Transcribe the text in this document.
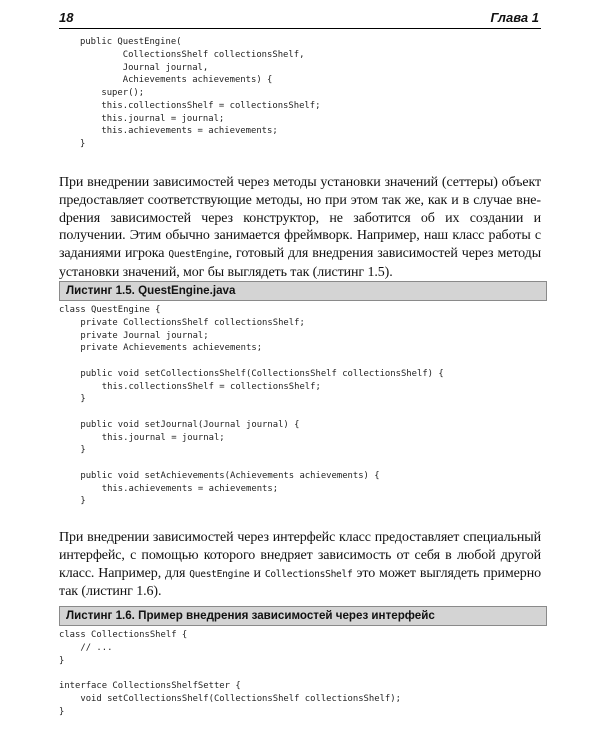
18	Глава 1
public QuestEngine(
CollectionsShelf collectionsShelf,
Journal journal,
Achievements achievements) {
super();
this.collectionsShelf = collectionsShelf;
this.journal = journal;
this.achievements = achievements;
}

При внедрении зависимостей через методы установки значений (сеттеры) объект предоставляет соответствующие методы, но при этом так же, как и в случае внеdрения зависимостей через конструктор, не заботится об их создании и получении. Этим обычно занимается фреймворк. Например, наш класс работы с заданиями игрока QuestEngine, готовый для внедрения зависимостей через методы установки значений, мог бы выглядеть так (листинг 1.5).

Листинг 1.5. QuestEngine.java
class QuestEngine {
private CollectionsShelf collectionsShelf;
private Journal journal;
private Achievements achievements;

public void setCollectionsShelf(CollectionsShelf collectionsShelf) {
this.collectionsShelf = collectionsShelf;
}

public void setJournal(Journal journal) {
this.journal = journal;
}

public void setAchievements(Achievements achievements) {
this.achievements = achievements;
}

При внедрении зависимостей через интерфейс класс предоставляет специальный интерфейс, с помощью которого внедряет зависимость от себя в любой другой класс. Например, для QuestEngine и CollectionsShelf это может выглядеть примерно так (листинг 1.6).

Листинг 1.6. Пример внедрения зависимостей через интерфейс
class CollectionsShelf {
// ...
}

interface CollectionsShelfSetter {
void setCollectionsShelf(CollectionsShelf collectionsShelf);
}
